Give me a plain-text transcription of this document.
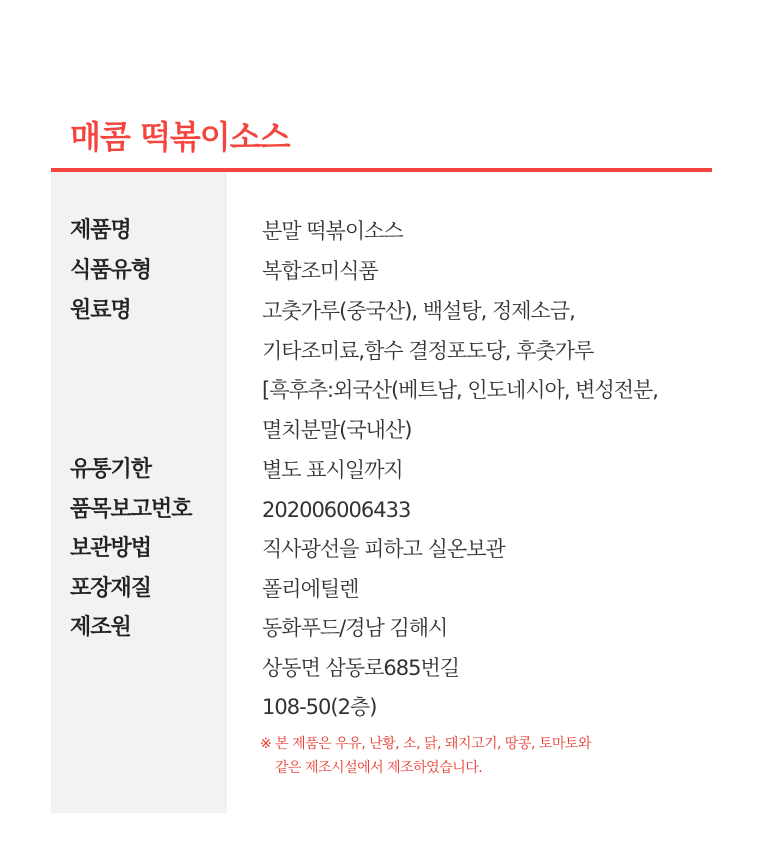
매콤 떡볶이소스
제품명
식품유형
원료명
유통기한
품목보고번호
보관방법
포장재질
제조원
분말 떡볶이소스
복합조미식품
고춧가루(중국산), 백설탕, 정제소금,
기타조미료,함수 결정포도당, 후춧가루
[흑후추:외국산(베트남, 인도네시아, 변성전분,
멸치분말(국내산)
별도 표시일까지
202006006433
직사광선을 피하고 실온보관
폴리에틸렌
동화푸드/경남 김해시
상동면 삼동로685번길
108-50(2층)
※ 본 제품은 우유, 난황, 소, 닭, 돼지고기, 땅콩, 토마토와
같은 제조시설에서 제조하였습니다.
